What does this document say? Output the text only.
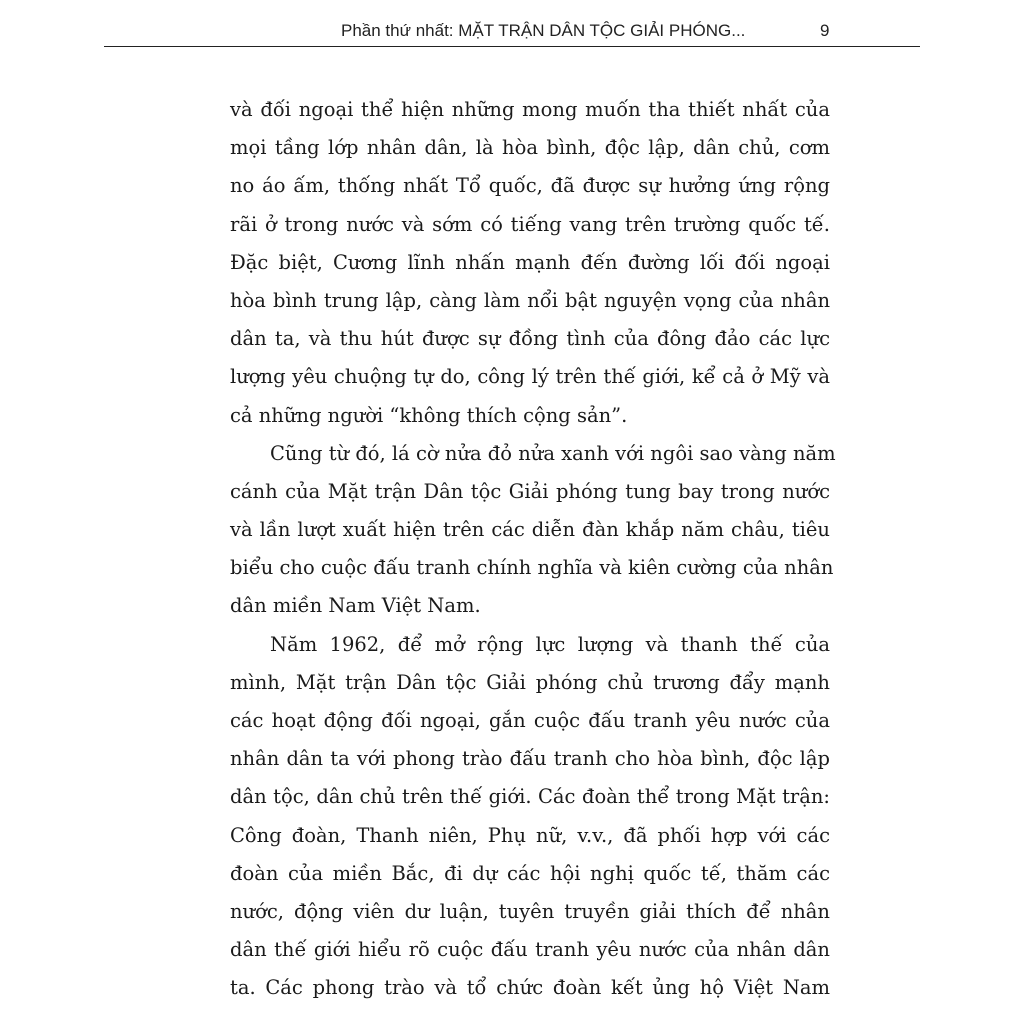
Phần thứ nhất: MẶT TRẬN DÂN TỘC GIẢI PHÓNG...	9
và đối ngoại thể hiện những mong muốn tha thiết nhất của
mọi tầng lớp nhân dân, là hòa bình, độc lập, dân chủ, cơm
no áo ấm, thống nhất Tổ quốc, đã được sự hưởng ứng rộng
rãi ở trong nước và sớm có tiếng vang trên trường quốc tế.
Đặc biệt, Cương lĩnh nhấn mạnh đến đường lối đối ngoại
hòa bình trung lập, càng làm nổi bật nguyện vọng của nhân
dân ta, và thu hút được sự đồng tình của đông đảo các lực
lượng yêu chuộng tự do, công lý trên thế giới, kể cả ở Mỹ và
cả những người “không thích cộng sản”.
Cũng từ đó, lá cờ nửa đỏ nửa xanh với ngôi sao vàng năm
cánh của Mặt trận Dân tộc Giải phóng tung bay trong nước
và lần lượt xuất hiện trên các diễn đàn khắp năm châu, tiêu
biểu cho cuộc đấu tranh chính nghĩa và kiên cường của nhân
dân miền Nam Việt Nam.
Năm 1962, để mở rộng lực lượng và thanh thế của
mình, Mặt trận Dân tộc Giải phóng chủ trương đẩy mạnh
các hoạt động đối ngoại, gắn cuộc đấu tranh yêu nước của
nhân dân ta với phong trào đấu tranh cho hòa bình, độc lập
dân tộc, dân chủ trên thế giới. Các đoàn thể trong Mặt trận:
Công đoàn, Thanh niên, Phụ nữ, v.v., đã phối hợp với các
đoàn của miền Bắc, đi dự các hội nghị quốc tế, thăm các
nước, động viên dư luận, tuyên truyền giải thích để nhân
dân thế giới hiểu rõ cuộc đấu tranh yêu nước của nhân dân
ta. Các phong trào và tổ chức đoàn kết ủng hộ Việt Nam
